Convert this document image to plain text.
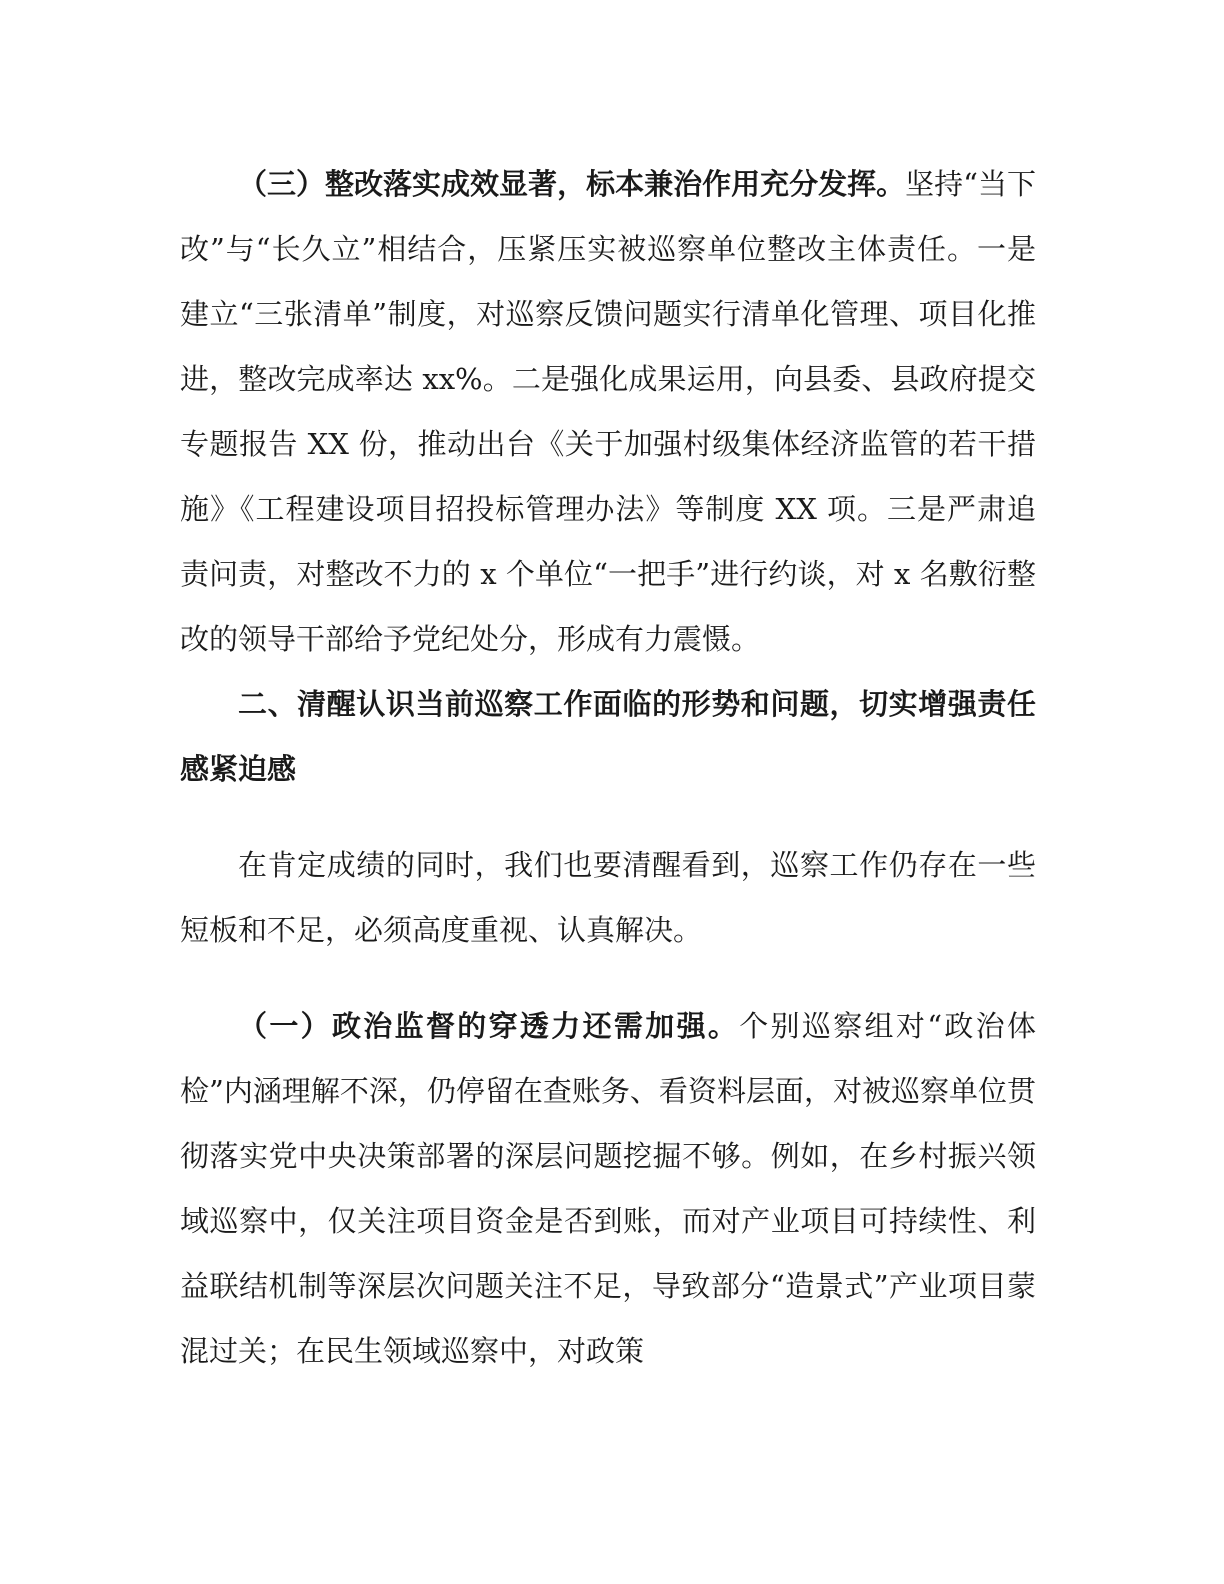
（三）整改落实成效显著，标本兼治作用充分发挥。坚持“当下改”与“长久立”相结合，压紧压实被巡察单位整改主体责任。一是建立“三张清单”制度，对巡察反馈问题实行清单化管理、项目化推进，整改完成率达 xx%。二是强化成果运用，向县委、县政府提交专题报告 XX 份，推动出台《关于加强村级集体经济监管的若干措施》《工程建设项目招投标管理办法》等制度 XX 项。三是严肃追责问责，对整改不力的 x 个单位“一把手”进行约谈，对 x 名敷衍整改的领导干部给予党纪处分，形成有力震慑。

二、清醒认识当前巡察工作面临的形势和问题，切实增强责任感紧迫感

在肯定成绩的同时，我们也要清醒看到，巡察工作仍存在一些短板和不足，必须高度重视、认真解决。

（一）政治监督的穿透力还需加强。个别巡察组对“政治体检”内涵理解不深，仍停留在查账务、看资料层面，对被巡察单位贯彻落实党中央决策部署的深层问题挖掘不够。例如，在乡村振兴领域巡察中，仅关注项目资金是否到账，而对产业项目可持续性、利益联结机制等深层次问题关注不足，导致部分“造景式”产业项目蒙混过关；在民生领域巡察中，对政策
